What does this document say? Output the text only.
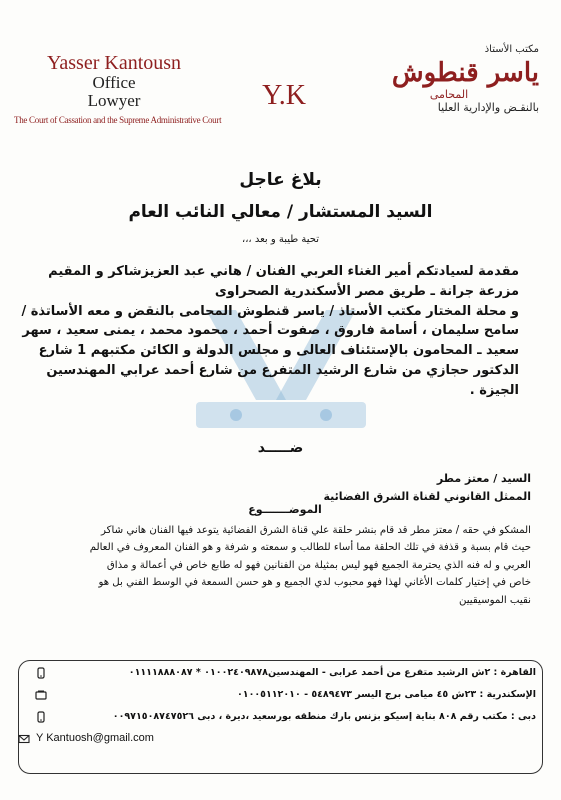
Yasser Kantousn
Office
Lowyer
The Court of Cassation and the Supreme Administrative Court
Y.K
مكتب الأستاذ
ياسر قنطوش
المحامى
بالنقـض والإدارية العليا
بلاغ عاجل
السيد المستشار / معالي النائب العام
تحية طيبة و بعد ،،،

مقدمة لسيادتكم أمير الغناء العربي الفنان / هاني عبد العزيزشاكر و المقيم

مزرعة جرانة ـ طريق مصر الأسكندرية الصحراوى

و محلة المختار مكتب الأستاذ / ياسر قنطوش المحامى بالنقض و معه الأساتذة /

سامح سليمان ، أسامة فاروق ، صفوت أحمد ، محمود محمد ، يمنى سعيد ، سهر

سعيد ـ المحامون بالإستئناف العالى و مجلس الدولة و الكائن مكتبهم 1 شارع

الدكتور حجازي من شارع الرشيد المتفرع من شارع أحمد عرابي المهندسين

الجيزة .

ضـــــد

السيد / معتز مطر

الممثل القانوني لقناة الشرق الفضائية

الموضـــــــوع

المشكو في حقه / معتز مطر قد قام بنشر حلقة علي قناة الشرق الفضائية يتوعد فيها الفنان هاني شاكر

حيث قام بسبة و قذفة في تلك الحلقة مما أساء للطالب و سمعته و شرفة و هو الفنان المعروف في العالم

العربي و له فنه الذي يحترمة الجميع فهو ليس بمثيلة من الفنانين فهو له طابع خاص في أعمالة و مذاق

خاص في إختيار كلمات الأغاني لهذا فهو محبوب لدي الجميع و هو حسن السمعة في الوسط الفني بل هو

نقيب الموسيقيين

القاهرة : ٢ش الرشيد متفرع من أحمد عرابى - المهندسين٠١٠٠٢٤٠٩٨٧٨ * ٠١١١١٨٨٨٠٨٧
الإسكندرية : ٢٣ش ٤٥ ميامى برج اليسر ٥٤٨٩٤٧٣ - ٠١٠٠٥١١٢٠١٠
دبى : مكتب رقم ٨٠٨ بناية إسيكو بزنس بارك منطقه بورسعيد ،ديرة ، دبى ٠٠٩٧١٥٠٨٧٤٧٥٢٦
Y Kantuosh@gmail.com
